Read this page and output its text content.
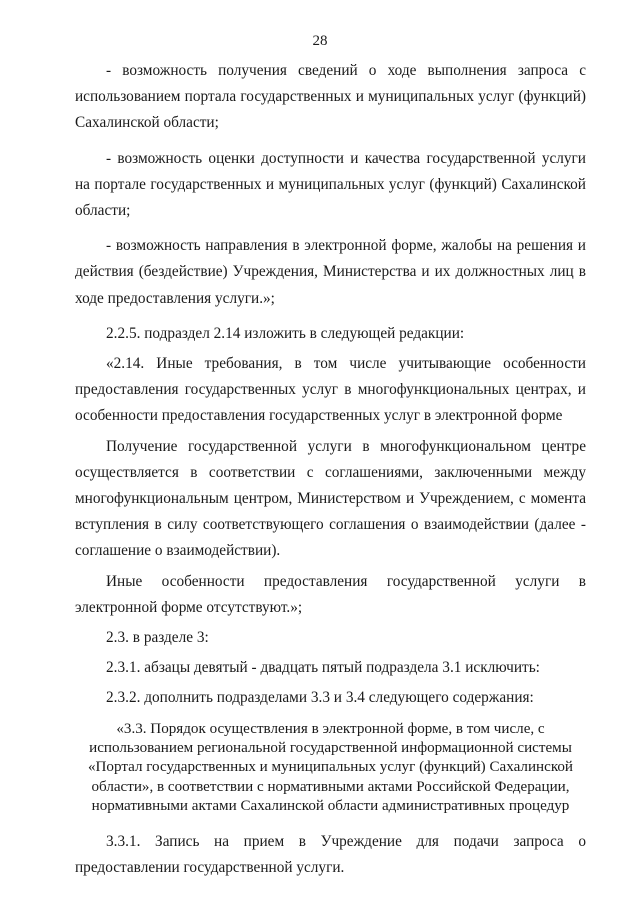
28

- возможность получения сведений о ходе выполнения запроса с использованием портала государственных и муниципальных услуг (функций) Сахалинской области;

- возможность оценки доступности и качества государственной услуги на портале государственных и муниципальных услуг (функций) Сахалинской области;

- возможность направления в электронной форме, жалобы на решения и действия (бездействие) Учреждения, Министерства и их должностных лиц в ходе предоставления услуги.»;

2.2.5. подраздел 2.14 изложить в следующей редакции:

«2.14. Иные требования, в том числе учитывающие особенности предоставления государственных услуг в многофункциональных центрах, и особенности предоставления государственных услуг в электронной форме

Получение государственной услуги в многофункциональном центре осуществляется в соответствии с соглашениями, заключенными между многофункциональным центром, Министерством и Учреждением, с момента вступления в силу соответствующего соглашения о взаимодействии (далее - соглашение о взаимодействии).

Иные особенности предоставления государственной услуги в электронной форме отсутствуют.»;

2.3. в разделе 3:

2.3.1. абзацы девятый - двадцать пятый подраздела 3.1 исключить:

2.3.2. дополнить подразделами 3.3 и 3.4 следующего содержания:

«3.3. Порядок осуществления в электронной форме, в том числе, с использованием региональной государственной информационной системы «Портал государственных и муниципальных услуг (функций) Сахалинской области», в соответствии с нормативными актами Российской Федерации, нормативными актами Сахалинской области административных процедур

3.3.1. Запись на прием в Учреждение для подачи запроса о предоставлении государственной услуги.
